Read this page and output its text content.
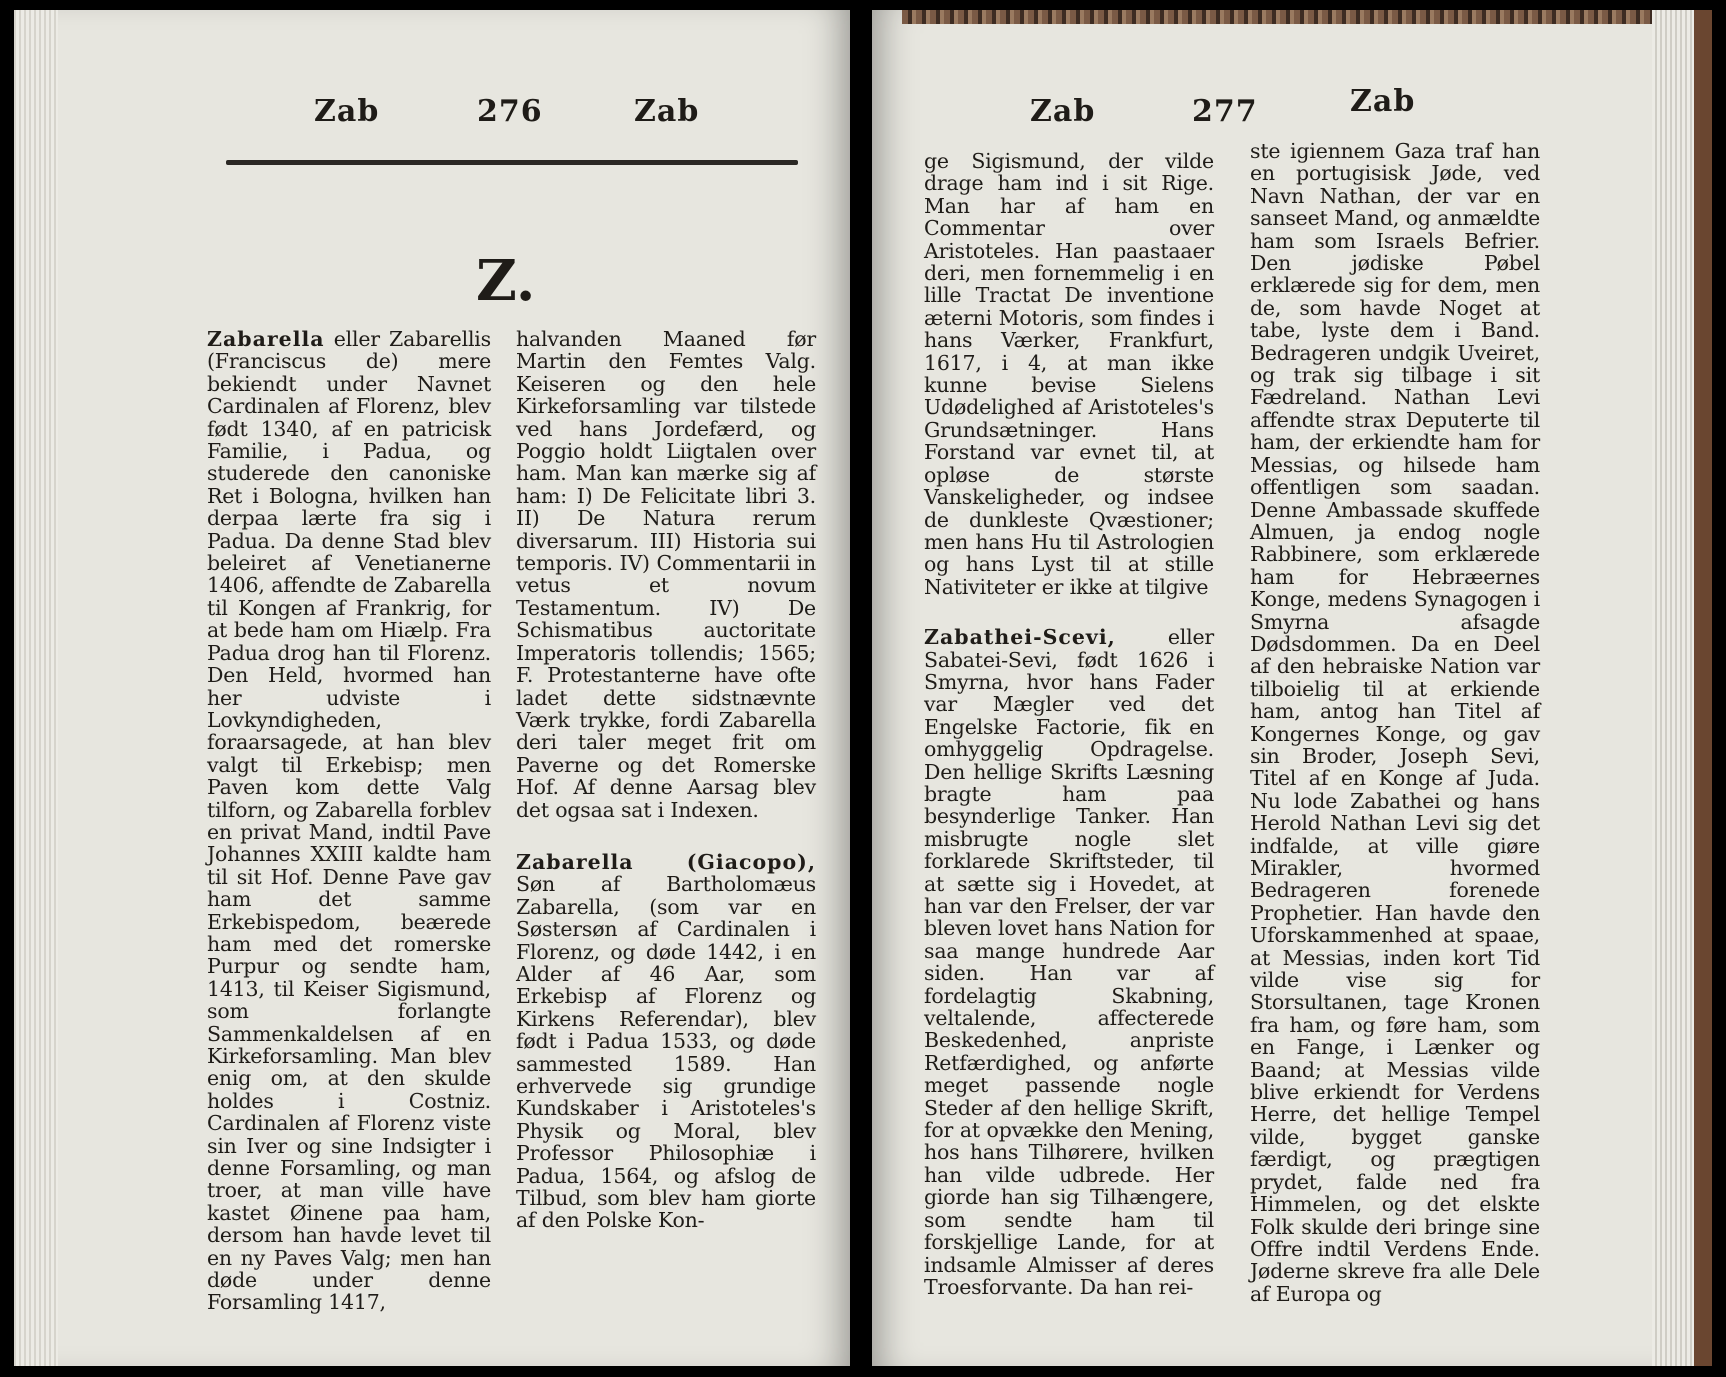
Zab	276	Zab
Z.

Zabarella eller Zabarellis (Franciscus de) mere bekiendt under Navnet Cardinalen af Florenz, blev født 1340, af en patricisk Familie, i Padua, og studerede den canoniske Ret i Bologna, hvilken han derpaa lærte fra sig i Padua. Da denne Stad blev beleiret af Venetianerne 1406, affendte de Zabarella til Kongen af Frankrig, for at bede ham om Hiælp. Fra Padua drog han til Florenz. Den Held, hvormed han her udviste i Lovkyndigheden, foraarsagede, at han blev valgt til Erkebisp; men Paven kom dette Valg tilforn, og Zabarella forblev en privat Mand, indtil Pave Johannes XXIII kaldte ham til sit Hof. Denne Pave gav ham det samme Erkebispedom, beærede ham med det romerske Purpur og sendte ham, 1413, til Keiser Sigismund, som forlangte Sammenkaldelsen af en Kirkeforsamling. Man blev enig om, at den skulde holdes i Costniz. Cardinalen af Florenz viste sin Iver og sine Indsigter i denne Forsamling, og man troer, at man ville have kastet Øinene paa ham, dersom han havde levet til en ny Paves Valg; men han døde under denne Forsamling 1417,

halvanden Maaned før Martin den Femtes Valg. Keiseren og den hele Kirkeforsamling var tilstede ved hans Jordefærd, og Poggio holdt Liigtalen over ham. Man kan mærke sig af ham: I) De Felicitate libri 3. II) De Natura rerum diversarum. III) Historia sui temporis. IV) Commentarii in vetus et novum Testamentum. IV) De Schismatibus auctoritate Imperatoris tollendis; 1565; F. Protestanterne have ofte ladet dette sidstnævnte Værk trykke, fordi Zabarella deri taler meget frit om Paverne og det Romerske Hof. Af denne Aarsag blev det ogsaa sat i Indexen.

Zabarella (Giacopo), Søn af Bartholomæus Zabarella, (som var en Søstersøn af Cardinalen i Florenz, og døde 1442, i en Alder af 46 Aar, som Erkebisp af Florenz og Kirkens Referendar), blev født i Padua 1533, og døde sammested 1589. Han erhvervede sig grundige Kundskaber i Aristoteles's Physik og Moral, blev Professor Philosophiæ i Padua, 1564, og afslog de Tilbud, som blev ham giorte af den Polske Kon-

Zab	277	Zab

ge Sigismund, der vilde drage ham ind i sit Rige. Man har af ham en Commentar over Aristoteles. Han paastaaer deri, men fornemmelig i en lille Tractat De inventione æterni Motoris, som findes i hans Værker, Frankfurt, 1617, i 4, at man ikke kunne bevise Sielens Udødelighed af Aristoteles's Grundsætninger. Hans Forstand var evnet til, at opløse de største Vanskeligheder, og indsee de dunkleste Qvæstioner; men hans Hu til Astrologien og hans Lyst til at stille Nativiteter er ikke at tilgive

Zabathei-Scevi,	eller Sabatei-Sevi, født 1626 i Smyrna, hvor hans Fader var Mægler ved det Engelske Factorie, fik en omhyggelig Opdragelse. Den hellige Skrifts Læsning bragte ham paa besynderlige Tanker. Han misbrugte nogle slet forklarede Skriftsteder, til at sætte sig i Hovedet, at han var den Frelser, der var bleven lovet hans Nation for saa mange hundrede Aar siden. Han var af fordelagtig Skabning, veltalende, affecterede Beskedenhed, anpriste Retfærdighed, og anførte meget passende nogle Steder af den hellige Skrift, for at opvække den Mening, hos hans Tilhørere, hvilken han vilde udbrede. Her giorde han sig Tilhængere, som sendte ham til forskjellige Lande, for at indsamle Almisser af deres Troesforvante. Da han rei-

ste igiennem Gaza traf han en portugisisk Jøde, ved Navn Nathan, der var en sanseet Mand, og anmældte ham som Israels Befrier. Den jødiske Pøbel erklærede sig for dem, men de, som havde Noget at tabe, lyste dem i Band. Bedrageren undgik Uveiret, og trak sig tilbage i sit Fædreland. Nathan Levi affendte strax Deputerte til ham, der erkiendte ham for Messias, og hilsede ham offentligen som saadan. Denne Ambassade skuffede Almuen, ja endog nogle Rabbinere, som erklærede ham for Hebræernes Konge, medens Synagogen i Smyrna afsagde Dødsdommen. Da en Deel af den hebraiske Nation var tilboielig til at erkiende ham, antog han Titel af Kongernes Konge, og gav sin Broder, Joseph Sevi, Titel af en Konge af Juda. Nu lode Zabathei og hans Herold Nathan Levi sig det indfalde, at ville giøre Mirakler, hvormed Bedrageren forenede Prophetier. Han havde den Uforskammenhed at spaae, at Messias, inden kort Tid vilde vise sig for Storsultanen, tage Kronen fra ham, og føre ham, som en Fange, i Lænker og Baand; at Messias vilde blive erkiendt for Verdens Herre, det hellige Tempel vilde, bygget ganske færdigt, og prægtigen prydet, falde ned fra Himmelen, og det elskte Folk skulde deri bringe sine Offre indtil Verdens Ende. Jøderne skreve fra alle Dele af Europa og
